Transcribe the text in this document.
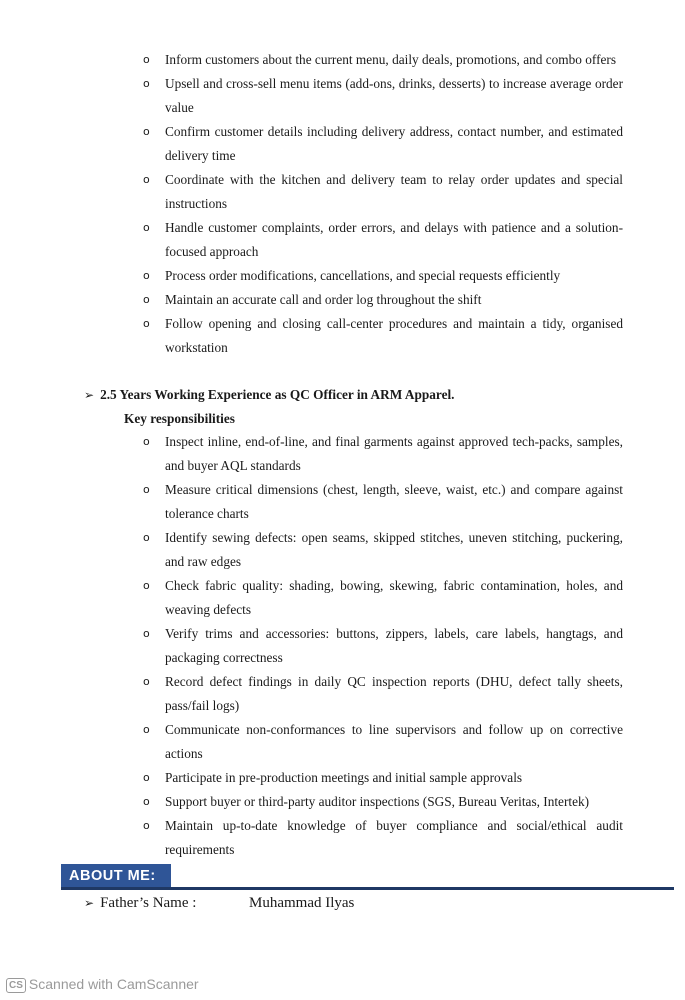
o Inform customers about the current menu, daily deals, promotions, and combo offers
o Upsell and cross-sell menu items (add-ons, drinks, desserts) to increase average order value
o Confirm customer details including delivery address, contact number, and estimated delivery time
o Coordinate with the kitchen and delivery team to relay order updates and special instructions
o Handle customer complaints, order errors, and delays with patience and a solution-focused approach
o Process order modifications, cancellations, and special requests efficiently
o Maintain an accurate call and order log throughout the shift
o Follow opening and closing call-center procedures and maintain a tidy, organised workstation
➢ 2.5 Years Working Experience as QC Officer in ARM Apparel.
Key responsibilities
o Inspect inline, end-of-line, and final garments against approved tech-packs, samples, and buyer AQL standards
o Measure critical dimensions (chest, length, sleeve, waist, etc.) and compare against tolerance charts
o Identify sewing defects: open seams, skipped stitches, uneven stitching, puckering, and raw edges
o Check fabric quality: shading, bowing, skewing, fabric contamination, holes, and weaving defects
o Verify trims and accessories: buttons, zippers, labels, care labels, hangtags, and packaging correctness
o Record defect findings in daily QC inspection reports (DHU, defect tally sheets, pass/fail logs)
o Communicate non-conformances to line supervisors and follow up on corrective actions
o Participate in pre-production meetings and initial sample approvals
o Support buyer or third-party auditor inspections (SGS, Bureau Veritas, Intertek)
o Maintain up-to-date knowledge of buyer compliance and social/ethical audit requirements
ABOUT ME:
➢ Father’s Name :	Muhammad Ilyas
CS Scanned with CamScanner
